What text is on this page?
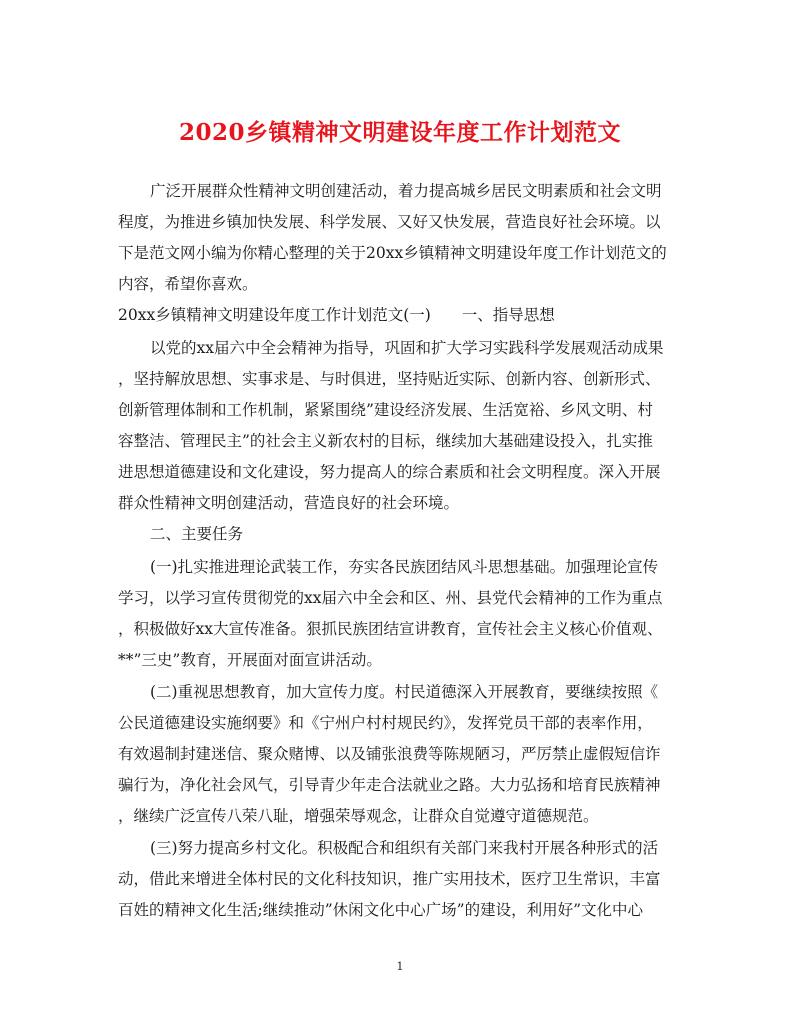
2020乡镇精神文明建设年度工作计划范文
广泛开展群众性精神文明创建活动，着力提高城乡居民文明素质和社会文明
程度，为推进乡镇加快发展、科学发展、又好又快发展，营造良好社会环境。以
下是范文网小编为你精心整理的关于20xx乡镇精神文明建设年度工作计划范文的
内容，希望你喜欢。
20xx乡镇精神文明建设年度工作计划范文(一)　　一、指导思想
以党的xx届六中全会精神为指导，巩固和扩大学习实践科学发展观活动成果
，坚持解放思想、实事求是、与时俱进，坚持贴近实际、创新内容、创新形式、
创新管理体制和工作机制，紧紧围绕”建设经济发展、生活宽裕、乡风文明、村
容整洁、管理民主”的社会主义新农村的目标，继续加大基础建设投入，扎实推
进思想道德建设和文化建设，努力提高人的综合素质和社会文明程度。深入开展
群众性精神文明创建活动，营造良好的社会环境。
二、主要任务
(一)扎实推进理论武装工作，夯实各民族团结风斗思想基础。加强理论宣传
学习，以学习宣传贯彻党的xx届六中全会和区、州、县党代会精神的工作为重点
，积极做好xx大宣传准备。狠抓民族团结宣讲教育，宣传社会主义核心价值观、
**”三史”教育，开展面对面宣讲活动。
(二)重视思想教育，加大宣传力度。村民道德深入开展教育，要继续按照《
公民道德建设实施纲要》和《宁州户村村规民约》，发挥党员干部的表率作用，
有效遏制封建迷信、聚众赌博、以及铺张浪费等陈规陋习，严厉禁止虚假短信诈
骗行为，净化社会风气，引导青少年走合法就业之路。大力弘扬和培育民族精神
，继续广泛宣传八荣八耻，增强荣辱观念，让群众自觉遵守道德规范。
(三)努力提高乡村文化。积极配合和组织有关部门来我村开展各种形式的活
动，借此来增进全体村民的文化科技知识，推广实用技术，医疗卫生常识，丰富
百姓的精神文化生活;继续推动”休闲文化中心广场”的建设，利用好”文化中心
1
